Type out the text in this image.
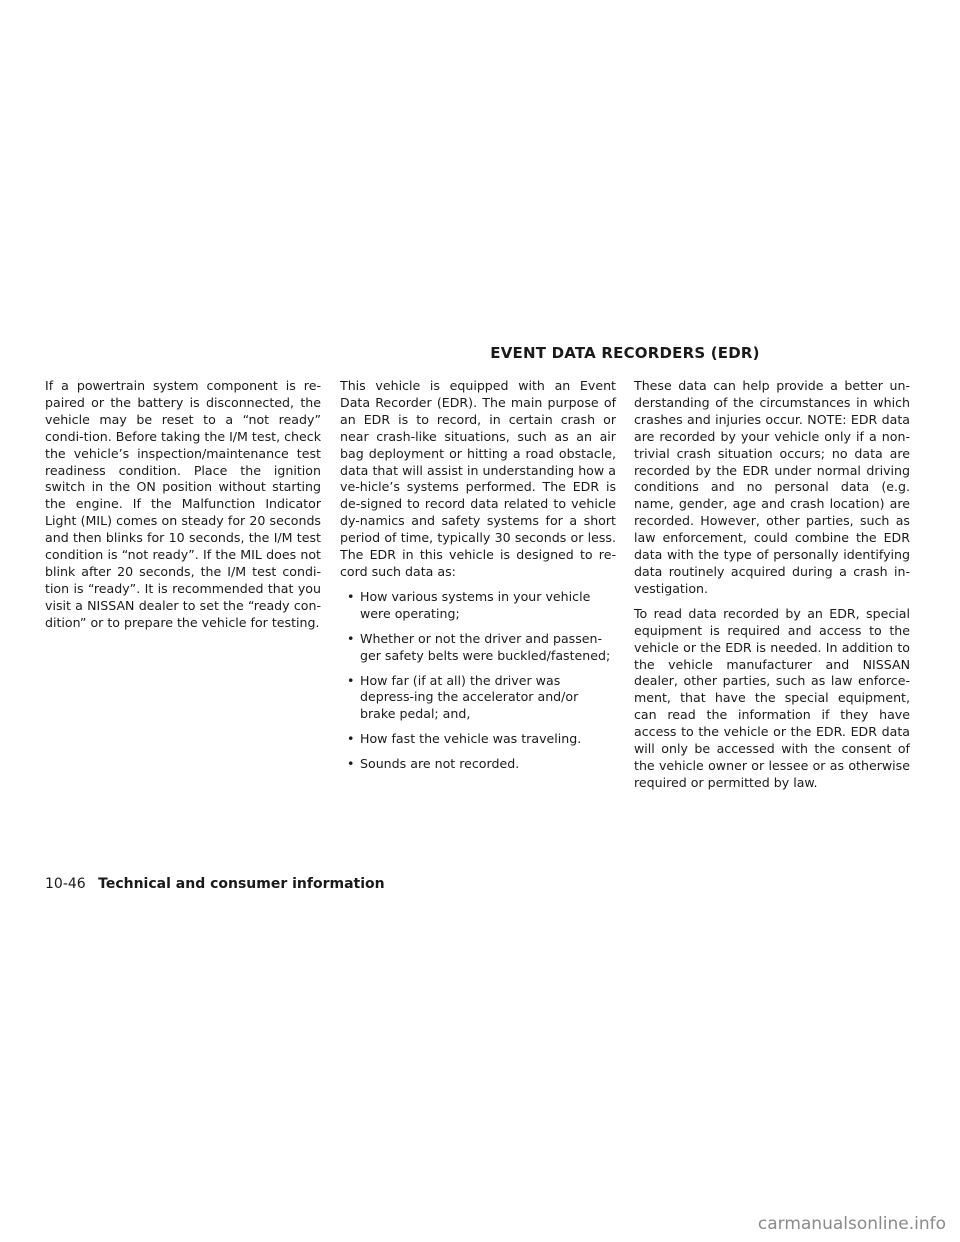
EVENT DATA RECORDERS (EDR)

If a powertrain system component is re-paired or the battery is disconnected, the vehicle may be reset to a “not ready” condi-tion. Before taking the I/M test, check the vehicle’s inspection/maintenance test readiness condition. Place the ignition switch in the ON position without starting the engine. If the Malfunction Indicator Light (MIL) comes on steady for 20 seconds and then blinks for 10 seconds, the I/M test condition is “not ready”. If the MIL does not blink after 20 seconds, the I/M test condi-tion is “ready”. It is recommended that you visit a NISSAN dealer to set the “ready con-dition” or to prepare the vehicle for testing.

This vehicle is equipped with an Event Data Recorder (EDR). The main purpose of an EDR is to record, in certain crash or near crash-like situations, such as an air bag deployment or hitting a road obstacle, data that will assist in understanding how a ve-hicle’s systems performed. The EDR is de-signed to record data related to vehicle dy-namics and safety systems for a short period of time, typically 30 seconds or less. The EDR in this vehicle is designed to re-cord such data as:

• How various systems in your vehicle were operating;
• Whether or not the driver and passen-ger safety belts were buckled/fastened;
• How far (if at all) the driver was depress-ing the accelerator and/or brake pedal; and,
• How fast the vehicle was traveling.
• Sounds are not recorded.

These data can help provide a better un-derstanding of the circumstances in which crashes and injuries occur. NOTE: EDR data are recorded by your vehicle only if a non-trivial crash situation occurs; no data are recorded by the EDR under normal driving conditions and no personal data (e.g. name, gender, age and crash location) are recorded. However, other parties, such as law enforcement, could combine the EDR data with the type of personally identifying data routinely acquired during a crash in-vestigation.

To read data recorded by an EDR, special equipment is required and access to the vehicle or the EDR is needed. In addition to the vehicle manufacturer and NISSAN dealer, other parties, such as law enforce-ment, that have the special equipment, can read the information if they have access to the vehicle or the EDR. EDR data will only be accessed with the consent of the vehicle owner or lessee or as otherwise required or permitted by law.

10-46 Technical and consumer information
carmanualsonline.info
